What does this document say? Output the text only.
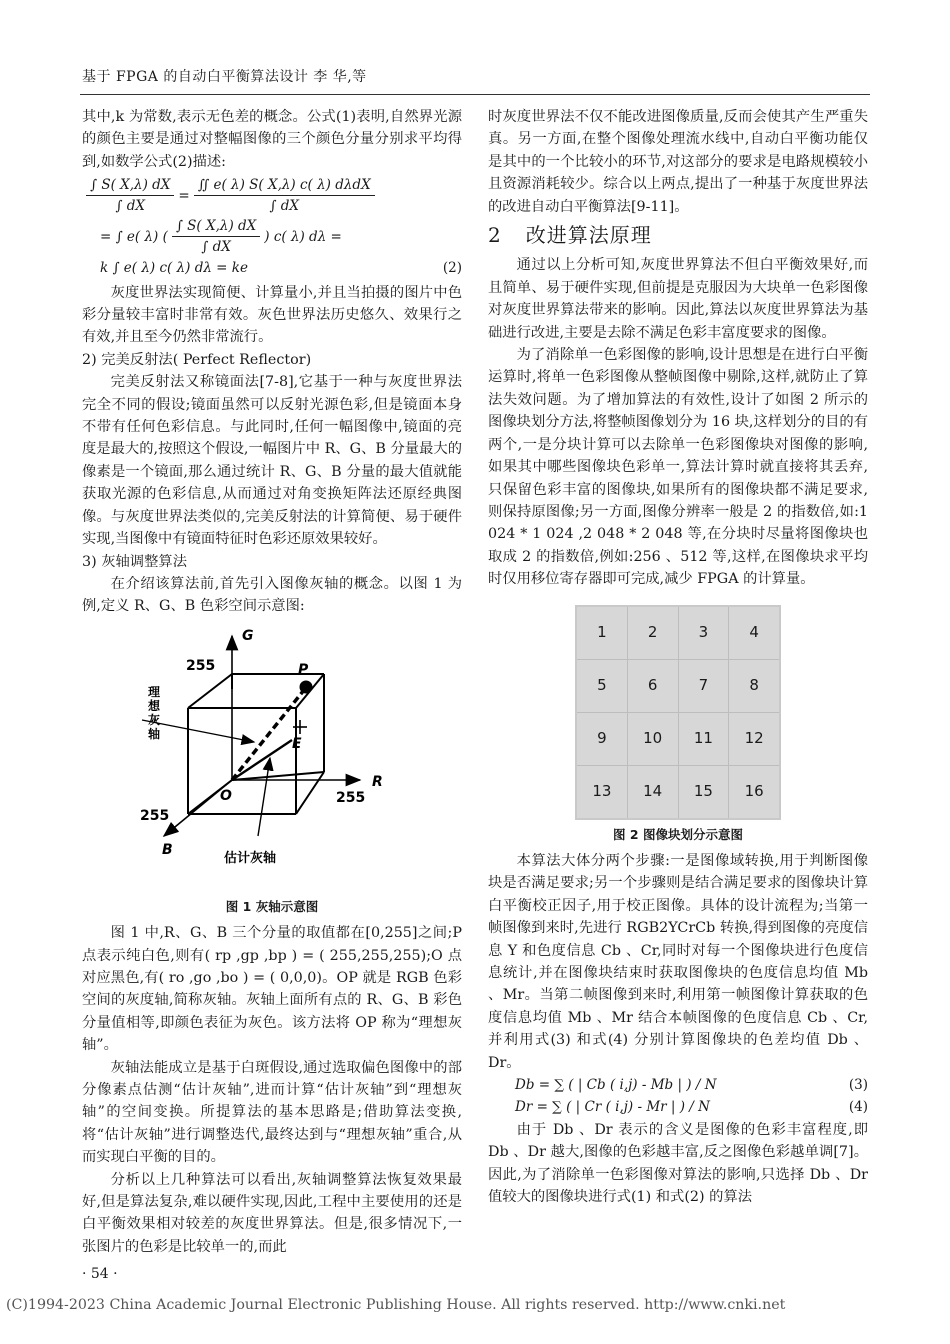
基于 FPGA 的自动白平衡算法设计 李 华,等

其中,k 为常数,表示无色差的概念。公式(1)表明,自然界光源的颜色主要是通过对整幅图像的三个颜色分量分别求平均得到,如数学公式(2)描述:

$\frac{\int S( X,\lambda) dX}{\int dX} = \frac{\text{∬ e( λ) S( X,λ) c( λ) dλdX}}{\int dX}$
= ∫ e( λ) ( $\frac{\int S( X,\lambda) dX}{\int dX}$ ) c( λ) dλ =
k ∫ e( λ) c( λ) dλ = ke	(2)

灰度世界法实现简便、计算量小,并且当拍摄的图片中色彩分量较丰富时非常有效。灰色世界法历史悠久、效果行之有效,并且至今仍然非常流行。

2) 完美反射法( Perfect Reflector)

完美反射法又称镜面法[7-8],它基于一种与灰度世界法完全不同的假设;镜面虽然可以反射光源色彩,但是镜面本身不带有任何色彩信息。与此同时,任何一幅图像中,镜面的亮度是最大的,按照这个假设,一幅图片中 R、G、B 分量最大的像素是一个镜面,那么通过统计 R、G、B 分量的最大值就能获取光源的色彩信息,从而通过对角变换矩阵法还原经典图像。与灰度世界法类似的,完美反射法的计算简便、易于硬件实现,当图像中有镜面特征时色彩还原效果较好。

3) 灰轴调整算法

在介绍该算法前,首先引入图像灰轴的概念。以图 1 为例,定义 R、G、B 色彩空间示意图:

G
R
B
O
P
E
255
255
255
估计灰轴
理
想
灰
轴
图 1 灰轴示意图

图 1 中,R、G、B 三个分量的取值都在[0,255]之间;P 点表示纯白色,则有( rp ,gp ,bp ) = ( 255,255,255);O 点对应黑色,有( ro ,go ,bo ) = ( 0,0,0)。OP 就是 RGB 色彩空间的灰度轴,简称灰轴。灰轴上面所有点的 R、G、B 彩色分量值相等,即颜色表征为灰色。该方法将 OP 称为“理想灰轴”。

灰轴法能成立是基于白斑假设,通过选取偏色图像中的部分像素点估测“估计灰轴”,进而计算“估计灰轴”到“理想灰轴”的空间变换。所提算法的基本思路是;借助算法变换,将“估计灰轴”进行调整迭代,最终达到与“理想灰轴”重合,从而实现白平衡的目的。

分析以上几种算法可以看出,灰轴调整算法恢复效果最好,但是算法复杂,难以硬件实现,因此,工程中主要使用的还是白平衡效果相对较差的灰度世界算法。但是,很多情况下,一张图片的色彩是比较单一的,而此

时灰度世界法不仅不能改进图像质量,反而会使其产生严重失真。另一方面,在整个图像处理流水线中,自动白平衡功能仅是其中的一个比较小的环节,对这部分的要求是电路规模较小且资源消耗较少。综合以上两点,提出了一种基于灰度世界法的改进自动白平衡算法[9-11]。

2 改进算法原理

通过以上分析可知,灰度世界算法不但白平衡效果好,而且简单、易于硬件实现,但前提是克服因为大块单一色彩图像对灰度世界算法带来的影响。因此,算法以灰度世界算法为基础进行改进,主要是去除不满足色彩丰富度要求的图像。

为了消除单一色彩图像的影响,设计思想是在进行白平衡运算时,将单一色彩图像从整帧图像中剔除,这样,就防止了算法失效问题。为了增加算法的有效性,设计了如图 2 所示的图像块划分方法,将整帧图像划分为 16 块,这样划分的目的有两个,一是分块计算可以去除单一色彩图像块对图像的影响,如果其中哪些图像块色彩单一,算法计算时就直接将其丢弃,只保留色彩丰富的图像块,如果所有的图像块都不满足要求,则保持原图像;另一方面,图像分辨率一般是 2 的指数倍,如:1 024 * 1 024 ,2 048 * 2 048 等,在分块时尽量将图像块也取成 2 的指数倍,例如:256 、512 等,这样,在图像块求平均时仅用移位寄存器即可完成,减少 FPGA 的计算量。

1	2	3	4
5	6	7	8
9	10	11	12
13	14	15	16
图 2 图像块划分示意图

本算法大体分两个步骤:一是图像域转换,用于判断图像块是否满足要求;另一个步骤则是结合满足要求的图像块计算白平衡校正因子,用于校正图像。具体的设计流程为;当第一帧图像到来时,先进行 RGB2YCrCb 转换,得到图像的亮度信息 Y 和色度信息 Cb 、Cr,同时对每一个图像块进行色度信息统计,并在图像块结束时获取图像块的色度信息均值 Mb 、Mr。当第二帧图像到来时,利用第一帧图像计算获取的色度信息均值 Mb 、Mr 结合本帧图像的色度信息 Cb 、Cr,并利用式(3) 和式(4) 分别计算图像块的色差均值 Db 、Dr。

Db = ∑ ( | Cb ( i,j) - Mb | ) / N	(3)
Dr = ∑ ( | Cr ( i,j) - Mr | ) / N	(4)

由于 Db 、Dr 表示的含义是图像的色彩丰富程度,即 Db 、Dr 越大,图像的色彩越丰富,反之图像色彩越单调[7]。因此,为了消除单一色彩图像对算法的影响,只选择 Db 、Dr 值较大的图像块进行式(1) 和式(2) 的算法

· 54 ·
(C)1994-2023 China Academic Journal Electronic Publishing House. All rights reserved. http://www.cnki.net
